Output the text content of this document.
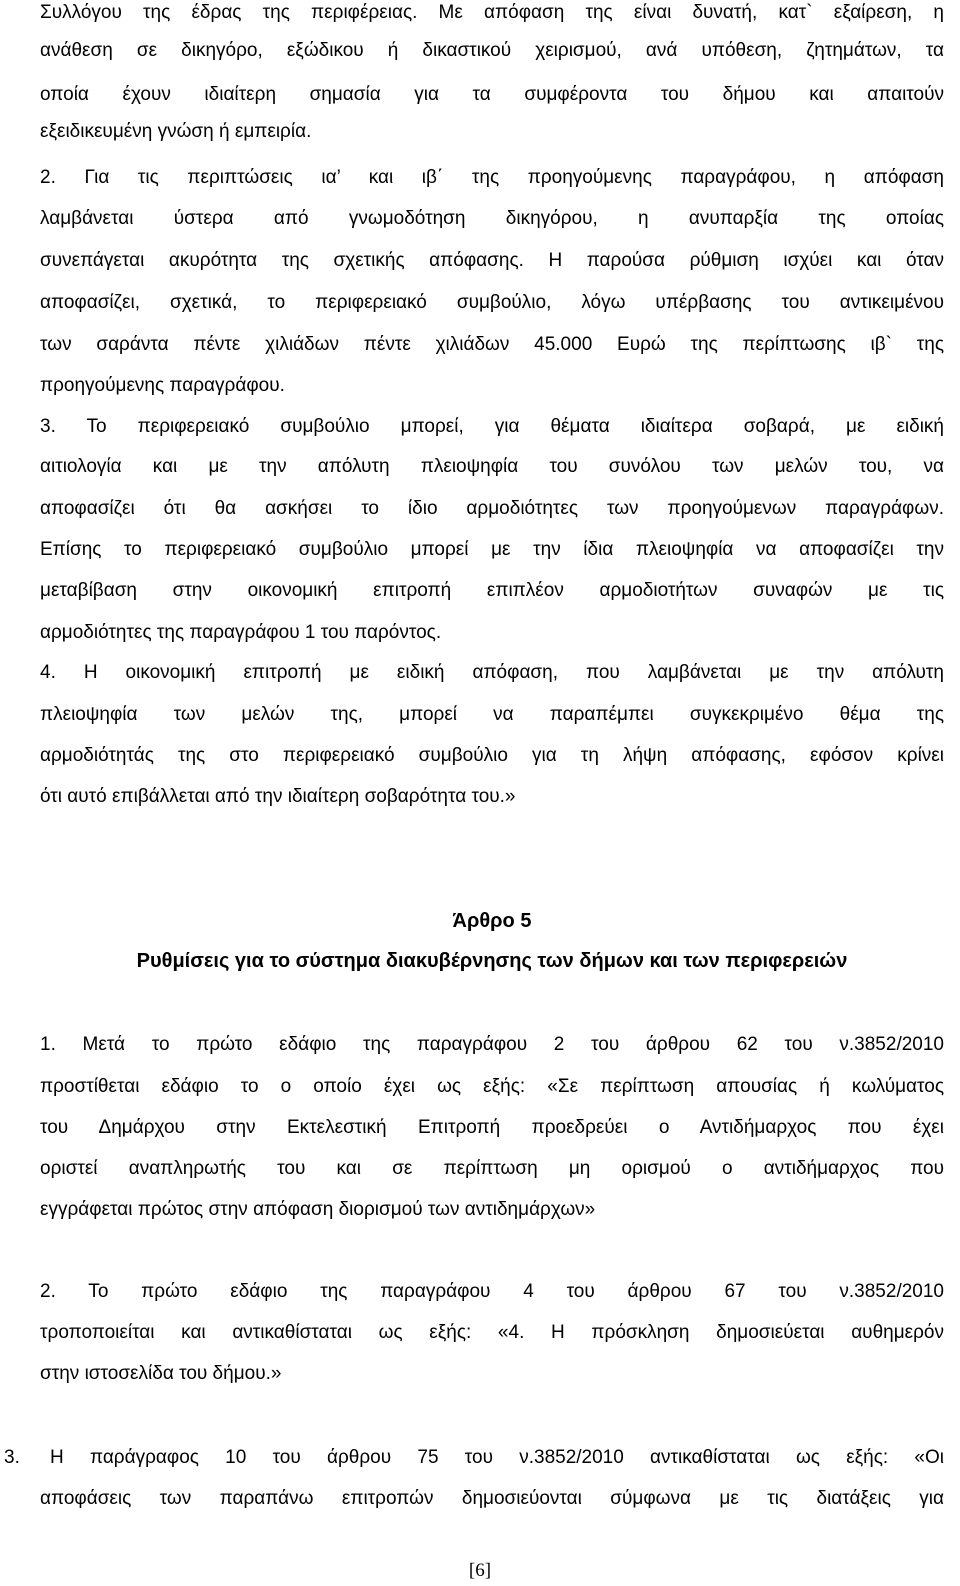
Συλλόγου της έδρας της περιφέρειας. Με απόφαση της είναι δυνατή, κατ` εξαίρεση, η
ανάθεση σε δικηγόρο, εξώδικου ή δικαστικού χειρισμού, ανά υπόθεση, ζητημάτων, τα
οποία έχουν ιδιαίτερη σημασία για τα συμφέροντα του δήμου και απαιτούν
εξειδικευμένη γνώση ή εμπειρία.
2. Για τις περιπτώσεις ια’ και ιβ΄ της προηγούμενης παραγράφου, η απόφαση
λαμβάνεται ύστερα από γνωμοδότηση δικηγόρου, η ανυπαρξία της οποίας
συνεπάγεται ακυρότητα της σχετικής απόφασης. Η παρούσα ρύθμιση ισχύει και όταν
αποφασίζει, σχετικά, το περιφερειακό συμβούλιο, λόγω υπέρβασης του αντικειμένου
των σαράντα πέντε χιλιάδων πέντε χιλιάδων 45.000 Ευρώ της περίπτωσης ιβ` της
προηγούμενης παραγράφου.
3. Το περιφερειακό συμβούλιο μπορεί, για θέματα ιδιαίτερα σοβαρά, με ειδική
αιτιολογία και με την απόλυτη πλειοψηφία του συνόλου των μελών του, να
αποφασίζει ότι θα ασκήσει το ίδιο αρμοδιότητες των προηγούμενων παραγράφων.
Επίσης το περιφερειακό συμβούλιο μπορεί με την ίδια πλειοψηφία να αποφασίζει την
μεταβίβαση στην οικονομική επιτροπή επιπλέον αρμοδιοτήτων συναφών με τις
αρμοδιότητες της παραγράφου 1 του παρόντος.
4. Η οικονομική επιτροπή με ειδική απόφαση, που λαμβάνεται με την απόλυτη
πλειοψηφία των μελών της, μπορεί να παραπέμπει συγκεκριμένο θέμα της
αρμοδιότητάς της στο περιφερειακό συμβούλιο για τη λήψη απόφασης, εφόσον κρίνει
ότι αυτό επιβάλλεται από την ιδιαίτερη σοβαρότητα του.»
Άρθρο 5
Ρυθμίσεις για το σύστημα διακυβέρνησης των δήμων και των περιφερειών
1. Μετά το πρώτο εδάφιο της παραγράφου 2 του άρθρου 62 του ν.3852/2010
προστίθεται εδάφιο το ο οποίο έχει ως εξής: «Σε περίπτωση απουσίας ή κωλύματος
του Δημάρχου στην Εκτελεστική Επιτροπή προεδρεύει ο Αντιδήμαρχος που έχει
οριστεί αναπληρωτής του και σε περίπτωση μη ορισμού ο αντιδήμαρχος που
εγγράφεται πρώτος στην απόφαση διορισμού των αντιδημάρχων»
2. Το πρώτο εδάφιο της παραγράφου 4 του άρθρου 67 του ν.3852/2010
τροποποιείται και αντικαθίσταται ως εξής: «4. Η πρόσκληση δημοσιεύεται αυθημερόν
στην ιστοσελίδα του δήμου.»
3.	Η παράγραφος 10 του άρθρου 75 του ν.3852/2010 αντικαθίσταται ως εξής: «Οι
αποφάσεις των παραπάνω επιτροπών δημοσιεύονται σύμφωνα με τις διατάξεις για
[6]
